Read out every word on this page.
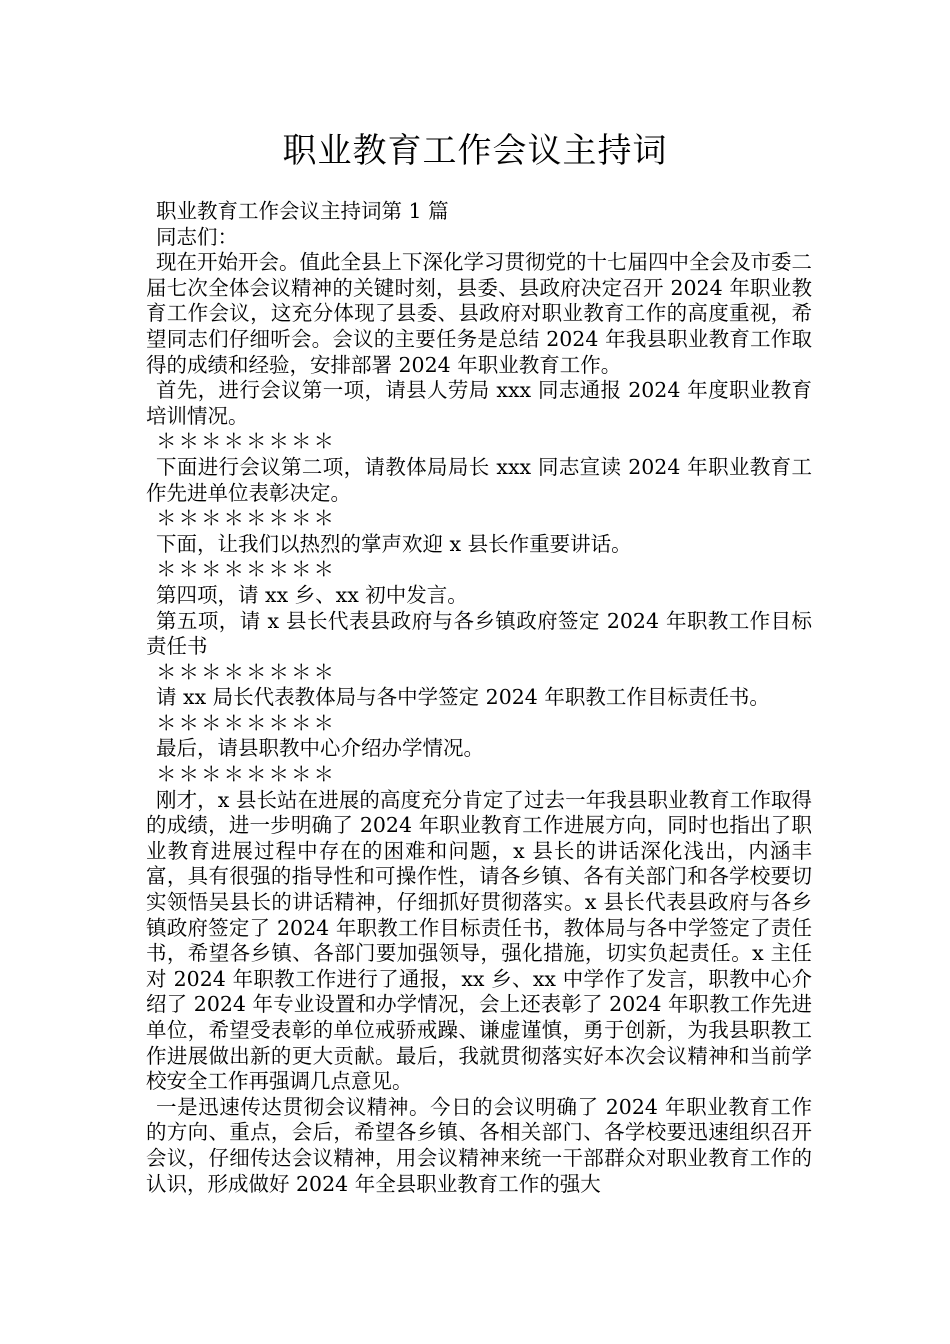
职业教育工作会议主持词

职业教育工作会议主持词第 1 篇

同志们：

现在开始开会。值此全县上下深化学习贯彻党的十七届四中全会及市委二届七次全体会议精神的关键时刻，县委、县政府决定召开 2024 年职业教育工作会议，这充分体现了县委、县政府对职业教育工作的高度重视，希望同志们仔细听会。会议的主要任务是总结 2024 年我县职业教育工作取得的成绩和经验，安排部署 2024 年职业教育工作。

首先，进行会议第一项，请县人劳局 xxx 同志通报 2024 年度职业教育培训情况。

＊＊＊＊＊＊＊＊

下面进行会议第二项，请教体局局长 xxx 同志宣读 2024 年职业教育工作先进单位表彰决定。

＊＊＊＊＊＊＊＊

下面，让我们以热烈的掌声欢迎 x 县长作重要讲话。

＊＊＊＊＊＊＊＊

第四项，请 xx 乡、xx 初中发言。

第五项，请 x 县长代表县政府与各乡镇政府签定 2024 年职教工作目标责任书

＊＊＊＊＊＊＊＊

请 xx 局长代表教体局与各中学签定 2024 年职教工作目标责任书。

＊＊＊＊＊＊＊＊

最后，请县职教中心介绍办学情况。

＊＊＊＊＊＊＊＊

刚才，x 县长站在进展的高度充分肯定了过去一年我县职业教育工作取得的成绩，进一步明确了 2024 年职业教育工作进展方向，同时也指出了职业教育进展过程中存在的困难和问题，x 县长的讲话深化浅出，内涵丰富，具有很强的指导性和可操作性，请各乡镇、各有关部门和各学校要切实领悟吴县长的讲话精神，仔细抓好贯彻落实。x 县长代表县政府与各乡镇政府签定了 2024 年职教工作目标责任书，教体局与各中学签定了责任书，希望各乡镇、各部门要加强领导，强化措施，切实负起责任。x 主任对 2024 年职教工作进行了通报，xx 乡、xx 中学作了发言，职教中心介绍了 2024 年专业设置和办学情况，会上还表彰了 2024 年职教工作先进单位，希望受表彰的单位戒骄戒躁、谦虚谨慎，勇于创新，为我县职教工作进展做出新的更大贡献。最后，我就贯彻落实好本次会议精神和当前学校安全工作再强调几点意见。

一是迅速传达贯彻会议精神。今日的会议明确了 2024 年职业教育工作的方向、重点，会后，希望各乡镇、各相关部门、各学校要迅速组织召开会议，仔细传达会议精神，用会议精神来统一干部群众对职业教育工作的认识，形成做好 2024 年全县职业教育工作的强大
